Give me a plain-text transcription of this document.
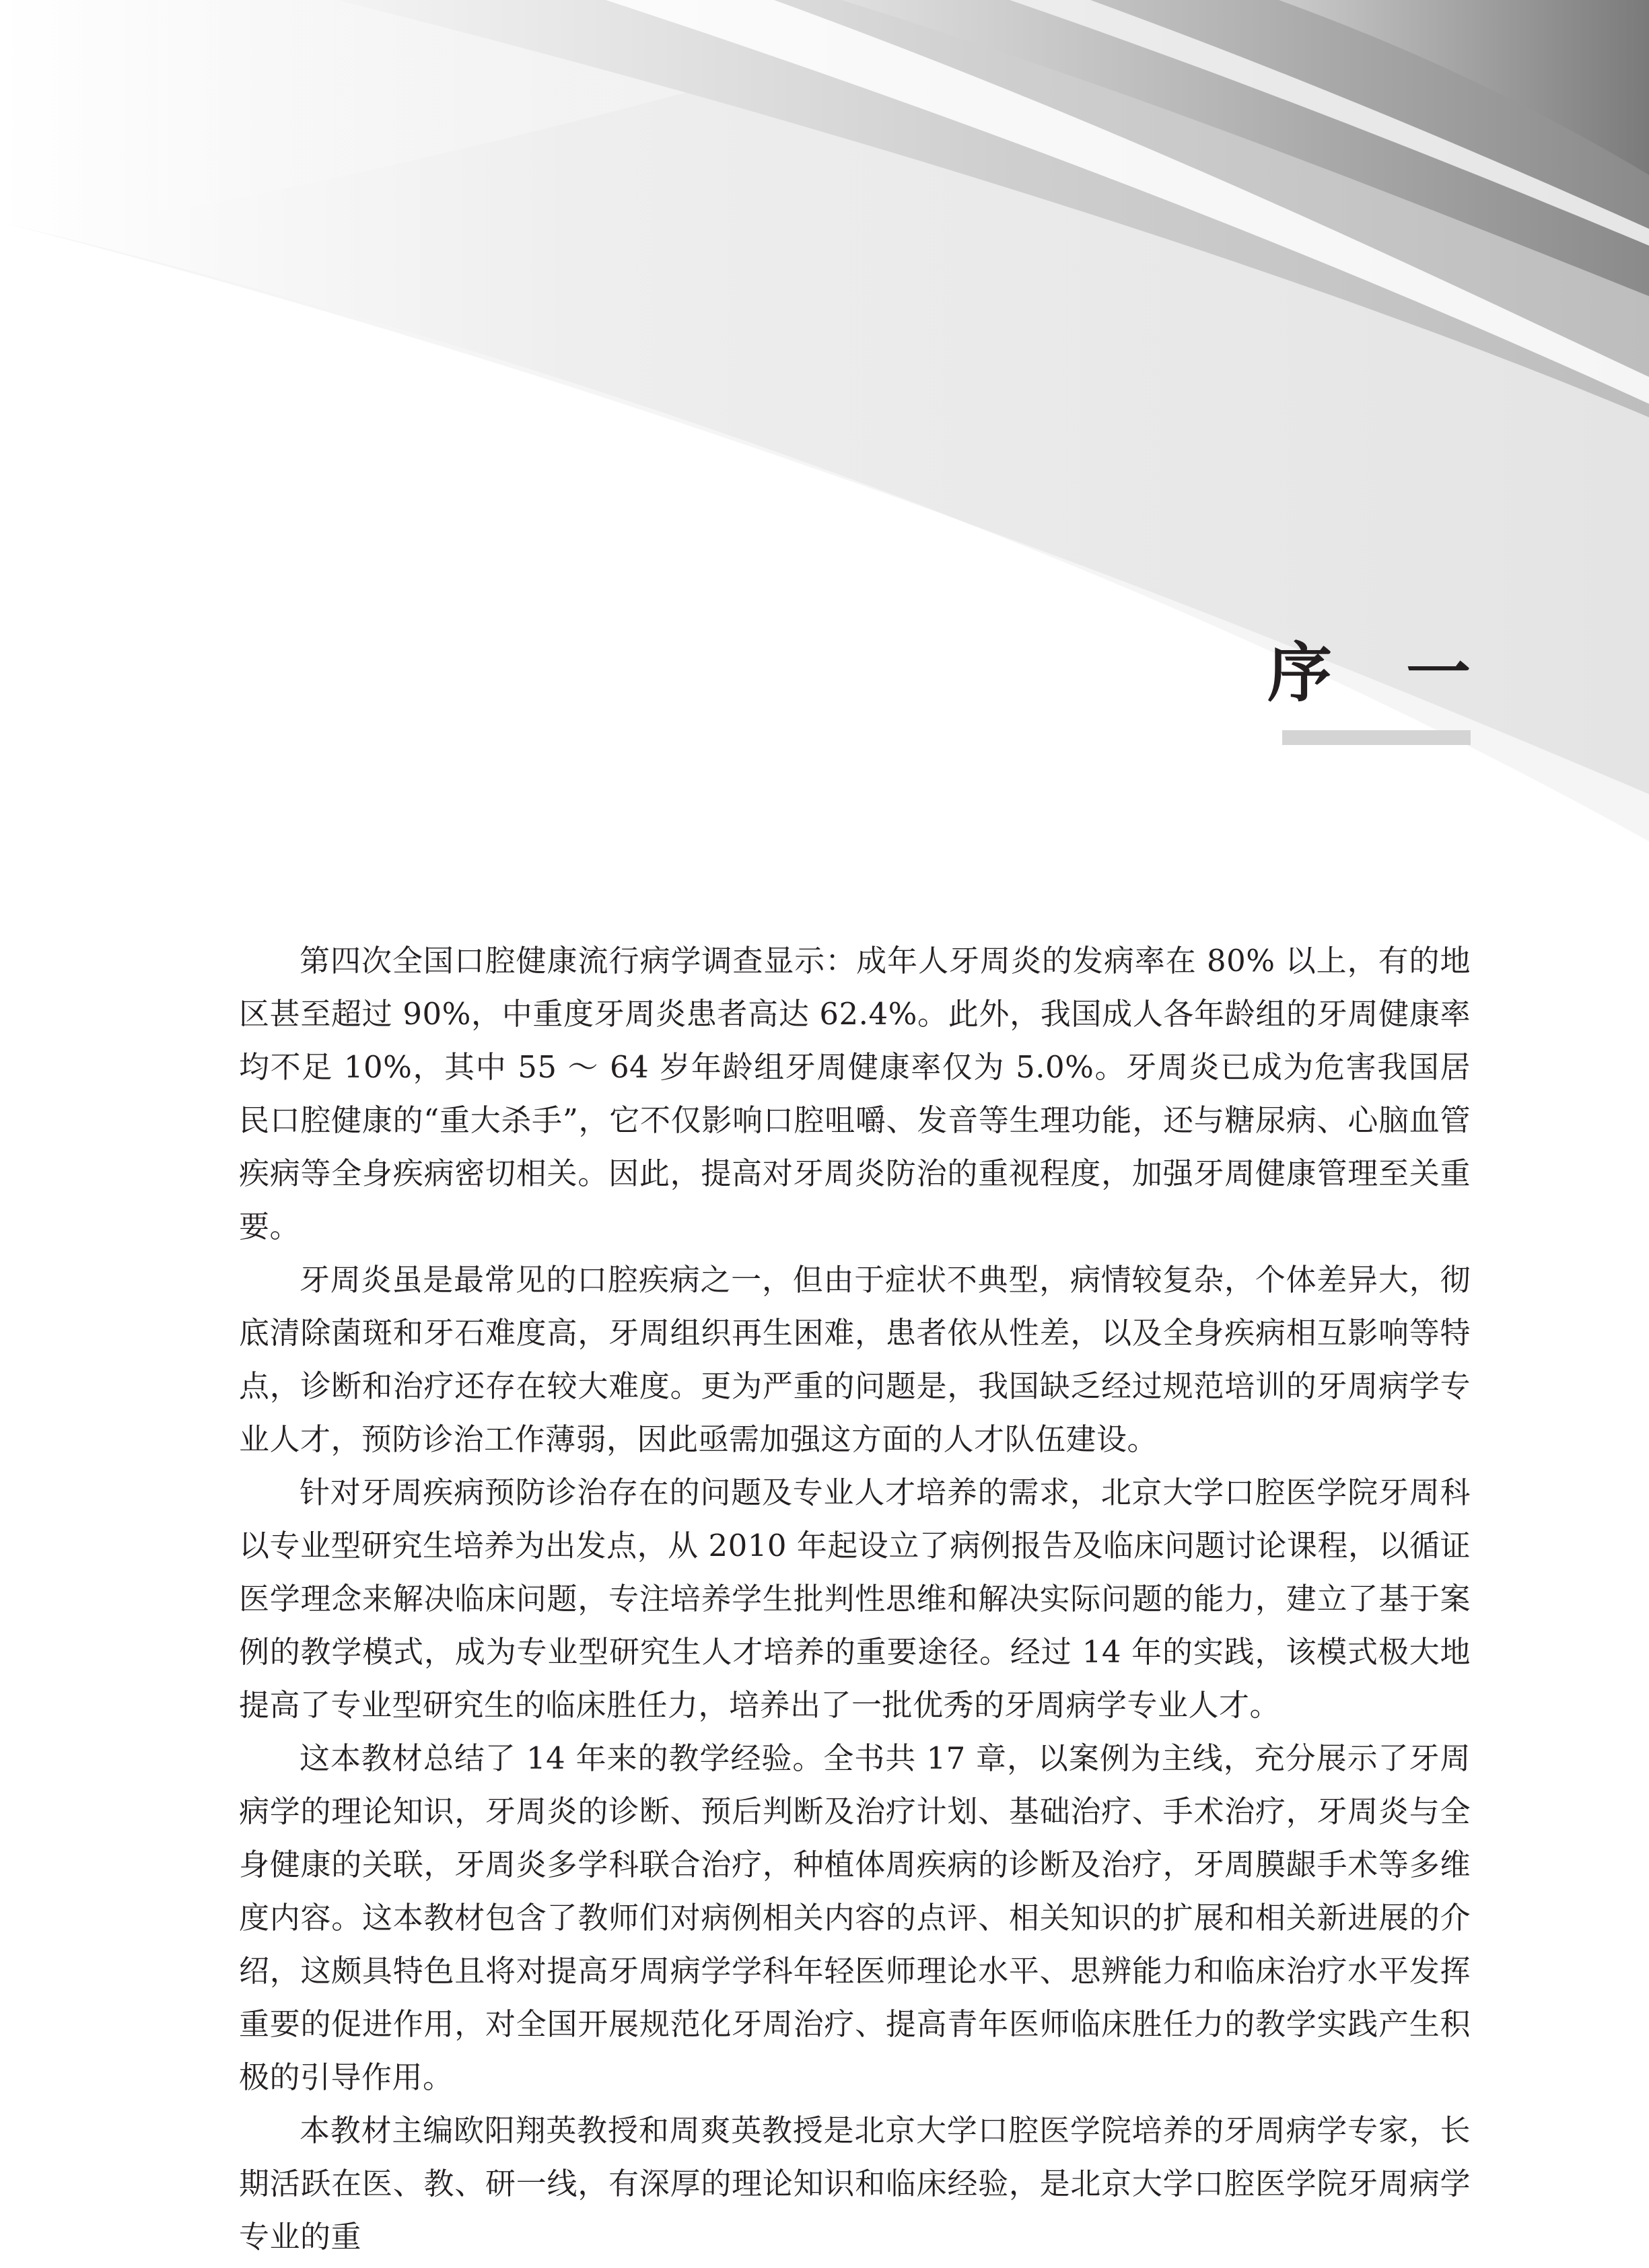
序一

第四次全国口腔健康流行病学调查显示：成年人牙周炎的发病率在 80% 以上，有的地区甚至超过 90%，中重度牙周炎患者高达 62.4%。此外，我国成人各年龄组的牙周健康率均不足 10%，其中 55 ～ 64 岁年龄组牙周健康率仅为 5.0%。牙周炎已成为危害我国居民口腔健康的“重大杀手”，它不仅影响口腔咀嚼、发音等生理功能，还与糖尿病、心脑血管疾病等全身疾病密切相关。因此，提高对牙周炎防治的重视程度，加强牙周健康管理至关重要。

牙周炎虽是最常见的口腔疾病之一，但由于症状不典型，病情较复杂，个体差异大，彻底清除菌斑和牙石难度高，牙周组织再生困难，患者依从性差，以及全身疾病相互影响等特点，诊断和治疗还存在较大难度。更为严重的问题是，我国缺乏经过规范培训的牙周病学专业人才，预防诊治工作薄弱，因此亟需加强这方面的人才队伍建设。

针对牙周疾病预防诊治存在的问题及专业人才培养的需求，北京大学口腔医学院牙周科以专业型研究生培养为出发点，从 2010 年起设立了病例报告及临床问题讨论课程，以循证医学理念来解决临床问题，专注培养学生批判性思维和解决实际问题的能力，建立了基于案例的教学模式，成为专业型研究生人才培养的重要途径。经过 14 年的实践，该模式极大地提高了专业型研究生的临床胜任力，培养出了一批优秀的牙周病学专业人才。

这本教材总结了 14 年来的教学经验。全书共 17 章，以案例为主线，充分展示了牙周病学的理论知识，牙周炎的诊断、预后判断及治疗计划、基础治疗、手术治疗，牙周炎与全身健康的关联，牙周炎多学科联合治疗，种植体周疾病的诊断及治疗，牙周膜龈手术等多维度内容。这本教材包含了教师们对病例相关内容的点评、相关知识的扩展和相关新进展的介绍，这颇具特色且将对提高牙周病学学科年轻医师理论水平、思辨能力和临床治疗水平发挥重要的促进作用，对全国开展规范化牙周治疗、提高青年医师临床胜任力的教学实践产生积极的引导作用。

本教材主编欧阳翔英教授和周爽英教授是北京大学口腔医学院培养的牙周病学专家，长期活跃在医、教、研一线，有深厚的理论知识和临床经验，是北京大学口腔医学院牙周病学专业的重
